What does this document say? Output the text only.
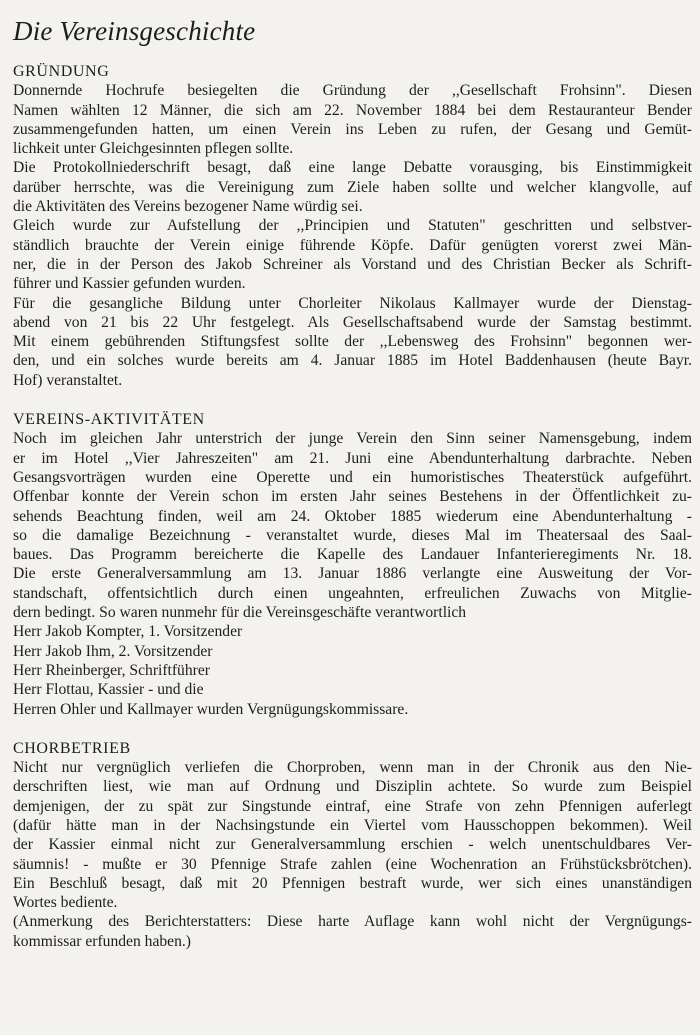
Die Vereinsgeschichte
GRÜNDUNG
Donnernde Hochrufe besiegelten die Gründung der ,,Gesellschaft Frohsinn". Diesen
Namen wählten 12 Männer, die sich am 22. November 1884 bei dem Restauranteur Bender
zusammengefunden hatten, um einen Verein ins Leben zu rufen, der Gesang und Gemüt-
lichkeit unter Gleichgesinnten pflegen sollte.
Die Protokollniederschrift besagt, daß eine lange Debatte vorausging, bis Einstimmigkeit
darüber herrschte, was die Vereinigung zum Ziele haben sollte und welcher klangvolle, auf
die Aktivitäten des Vereins bezogener Name würdig sei.
Gleich wurde zur Aufstellung der ,,Principien und Statuten" geschritten und selbstver-
ständlich brauchte der Verein einige führende Köpfe. Dafür genügten vorerst zwei Män-
ner, die in der Person des Jakob Schreiner als Vorstand und des Christian Becker als Schrift-
führer und Kassier gefunden wurden.
Für die gesangliche Bildung unter Chorleiter Nikolaus Kallmayer wurde der Dienstag-
abend von 21 bis 22 Uhr festgelegt. Als Gesellschaftsabend wurde der Samstag bestimmt.
Mit einem gebührenden Stiftungsfest sollte der ,,Lebensweg des Frohsinn" begonnen wer-
den, und ein solches wurde bereits am 4. Januar 1885 im Hotel Baddenhausen (heute Bayr.
Hof) veranstaltet.
VEREINS-AKTIVITÄTEN
Noch im gleichen Jahr unterstrich der junge Verein den Sinn seiner Namensgebung, indem
er im Hotel ,,Vier Jahreszeiten" am 21. Juni eine Abendunterhaltung darbrachte. Neben
Gesangsvorträgen wurden eine Operette und ein humoristisches Theaterstück aufgeführt.
Offenbar konnte der Verein schon im ersten Jahr seines Bestehens in der Öffentlichkeit zu-
sehends Beachtung finden, weil am 24. Oktober 1885 wiederum eine Abendunterhaltung -
so die damalige Bezeichnung - veranstaltet wurde, dieses Mal im Theatersaal des Saal-
baues. Das Programm bereicherte die Kapelle des Landauer Infanterieregiments Nr. 18.
Die erste Generalversammlung am 13. Januar 1886 verlangte eine Ausweitung der Vor-
standschaft, offentsichtlich durch einen ungeahnten, erfreulichen Zuwachs von Mitglie-
dern bedingt. So waren nunmehr für die Vereinsgeschäfte verantwortlich
Herr Jakob Kompter, 1. Vorsitzender
Herr Jakob Ihm, 2. Vorsitzender
Herr Rheinberger, Schriftführer
Herr Flottau, Kassier - und die
Herren Ohler und Kallmayer wurden Vergnügungskommissare.
CHORBETRIEB
Nicht nur vergnüglich verliefen die Chorproben, wenn man in der Chronik aus den Nie-
derschriften liest, wie man auf Ordnung und Disziplin achtete. So wurde zum Beispiel
demjenigen, der zu spät zur Singstunde eintraf, eine Strafe von zehn Pfennigen auferlegt
(dafür hätte man in der Nachsingstunde ein Viertel vom Hausschoppen bekommen). Weil
der Kassier einmal nicht zur Generalversammlung erschien - welch unentschuldbares Ver-
säumnis! - mußte er 30 Pfennige Strafe zahlen (eine Wochenration an Frühstücksbrötchen).
Ein Beschluß besagt, daß mit 20 Pfennigen bestraft wurde, wer sich eines unanständigen
Wortes bediente.
(Anmerkung des Berichterstatters: Diese harte Auflage kann wohl nicht der Vergnügungs-
kommissar erfunden haben.)
